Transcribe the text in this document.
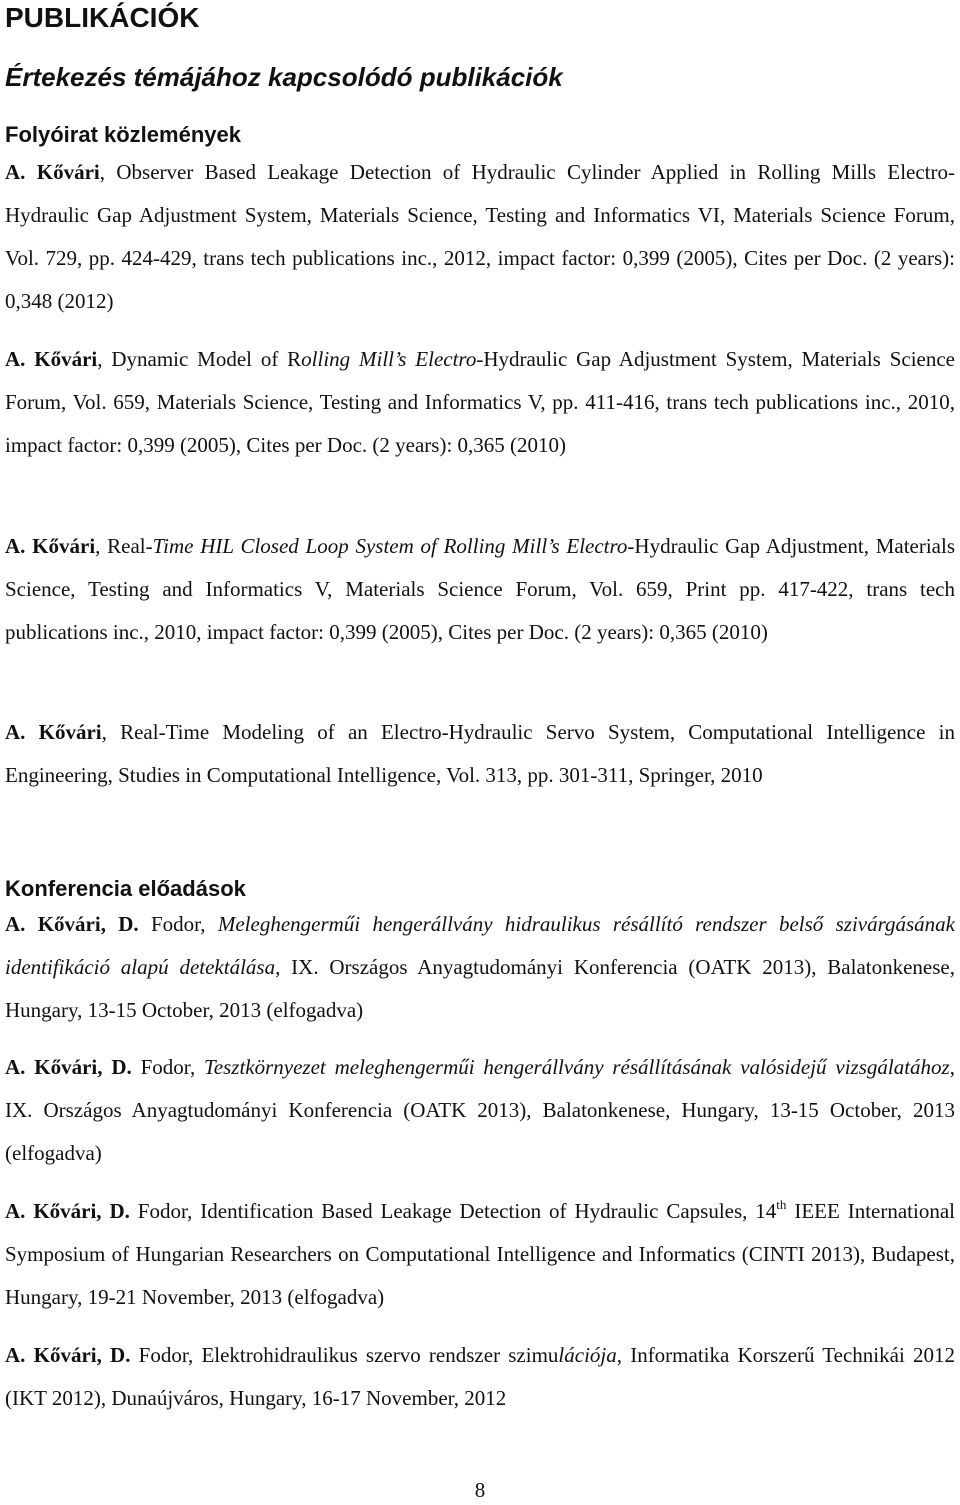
PUBLIKÁCIÓK
Értekezés témájához kapcsolódó publikációk
Folyóirat közlemények

A. Kővári, Observer Based Leakage Detection of Hydraulic Cylinder Applied in Rolling Mills Electro-Hydraulic Gap Adjustment System, Materials Science, Testing and Informatics VI, Materials Science Forum, Vol. 729, pp. 424-429, trans tech publications inc., 2012, impact factor: 0,399 (2005), Cites per Doc. (2 years): 0,348 (2012)

A. Kővári, Dynamic Model of Rolling Mill’s Electro-Hydraulic Gap Adjustment System, Materials Science Forum, Vol. 659, Materials Science, Testing and Informatics V, pp. 411-416, trans tech publications inc., 2010, impact factor: 0,399 (2005), Cites per Doc. (2 years): 0,365 (2010)

A. Kővári, Real-Time HIL Closed Loop System of Rolling Mill’s Electro-Hydraulic Gap Adjustment, Materials Science, Testing and Informatics V, Materials Science Forum, Vol. 659, Print pp. 417-422, trans tech publications inc., 2010, impact factor: 0,399 (2005), Cites per Doc. (2 years): 0,365 (2010)

A. Kővári, Real-Time Modeling of an Electro-Hydraulic Servo System, Computational Intelligence in Engineering, Studies in Computational Intelligence, Vol. 313, pp. 301-311, Springer, 2010

Konferencia előadások

A. Kővári, D. Fodor, Meleghengerműi hengerállvány hidraulikus résállító rendszer belső szivárgásának identifikáció alapú detektálása, IX. Országos Anyagtudományi Konferencia (OATK 2013), Balatonkenese, Hungary, 13-15 October, 2013 (elfogadva)

A. Kővári, D. Fodor, Tesztkörnyezet meleghengerműi hengerállvány résállításának valósidejű vizsgálatához, IX. Országos Anyagtudományi Konferencia (OATK 2013), Balatonkenese, Hungary, 13-15 October, 2013 (elfogadva)

A. Kővári, D. Fodor, Identification Based Leakage Detection of Hydraulic Capsules, 14th IEEE International Symposium of Hungarian Researchers on Computational Intelligence and Informatics (CINTI 2013), Budapest, Hungary, 19-21 November, 2013 (elfogadva)

A. Kővári, D. Fodor, Elektrohidraulikus szervo rendszer szimulációja, Informatika Korszerű Technikái 2012 (IKT 2012), Dunaújváros, Hungary, 16-17 November, 2012

8
